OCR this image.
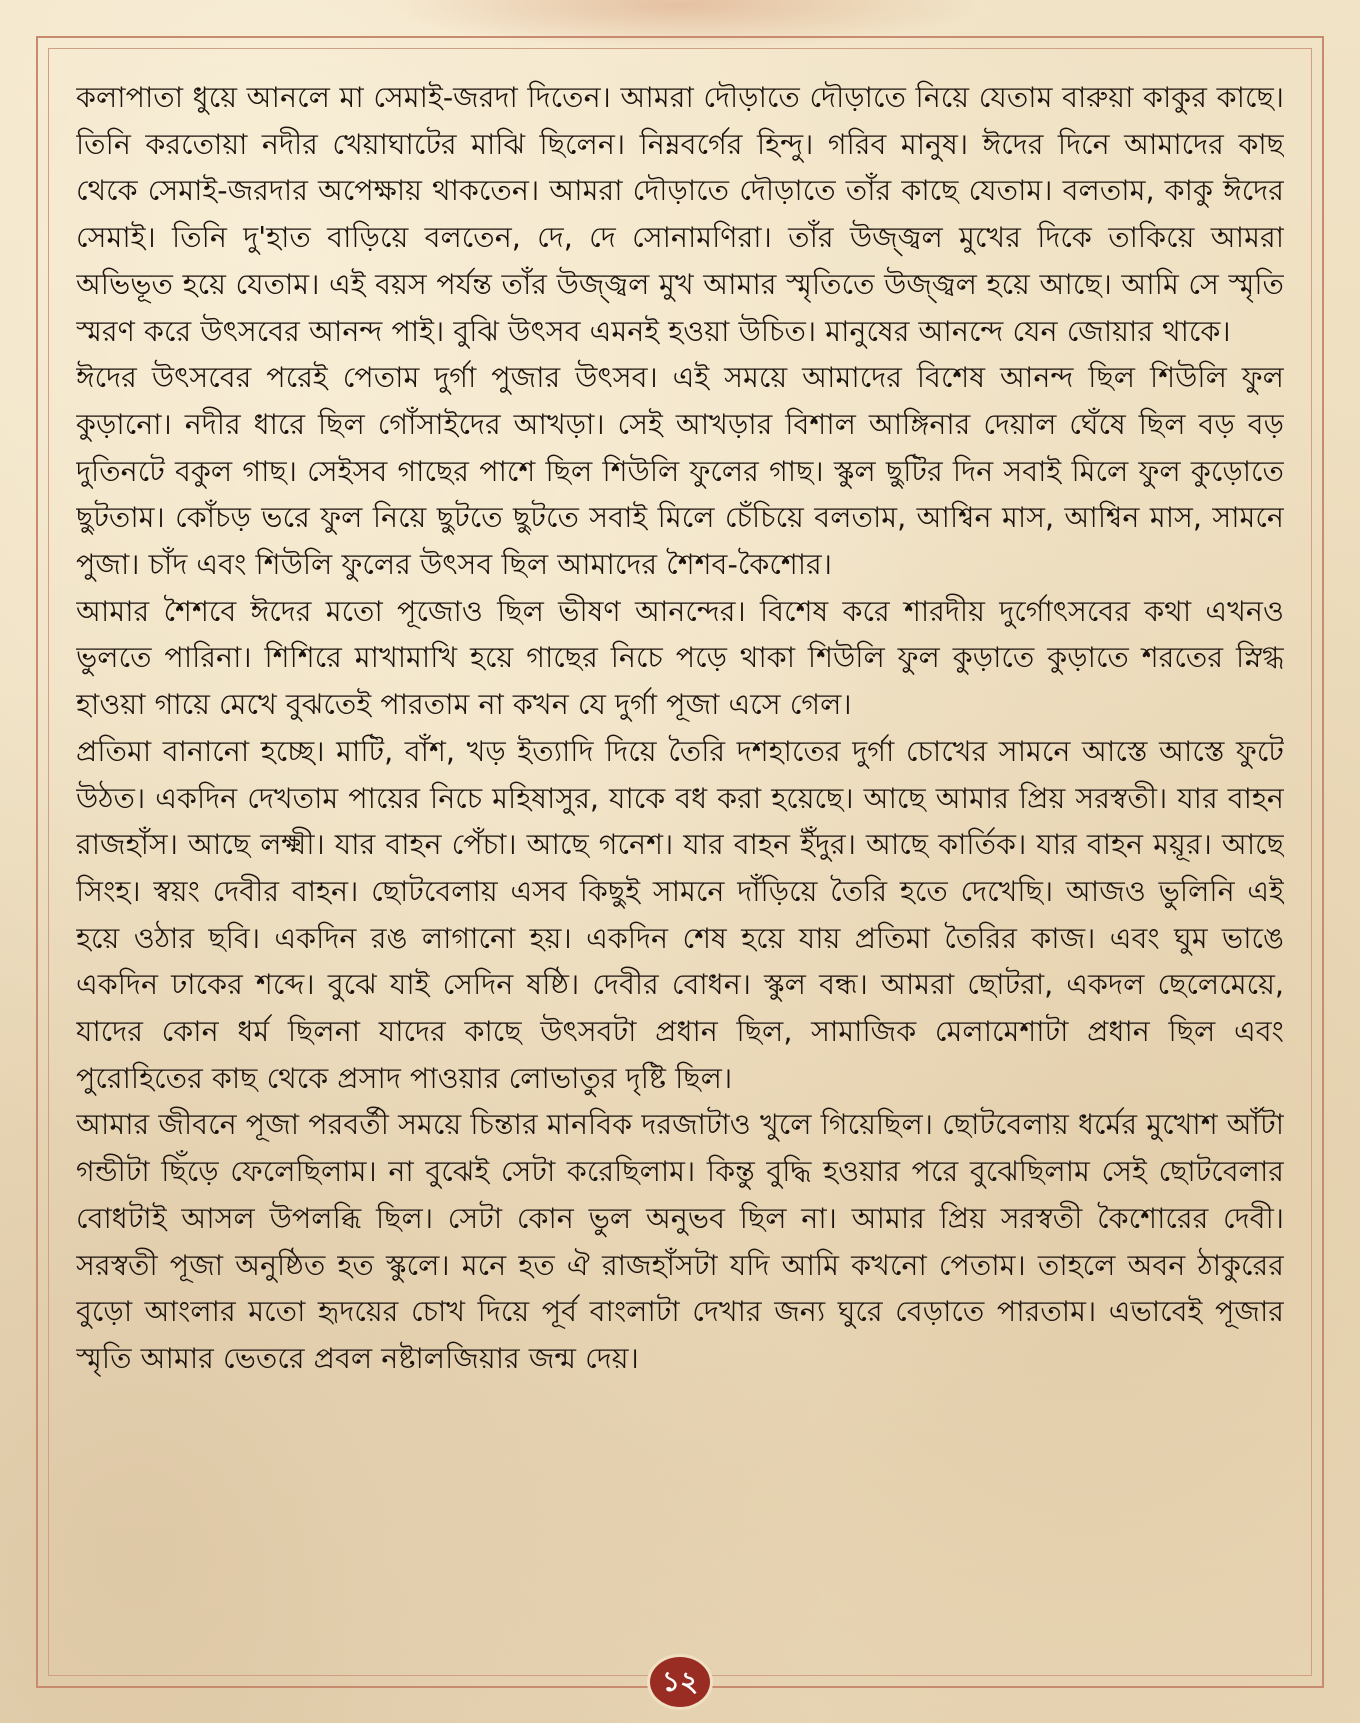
কলাপাতা ধুয়ে আনলে মা সেমাই-জরদা দিতেন। আমরা দৌড়াতে দৌড়াতে নিয়ে যেতাম বারুয়া কাকুর কাছে। তিনি করতোয়া নদীর খেয়াঘাটের মাঝি ছিলেন। নিম্নবর্গের হিন্দু। গরিব মানুষ। ঈদের দিনে আমাদের কাছ থেকে সেমাই-জরদার অপেক্ষায় থাকতেন। আমরা দৌড়াতে দৌড়াতে তাঁর কাছে যেতাম। বলতাম, কাকু ঈদের সেমাই। তিনি দু'হাত বাড়িয়ে বলতেন, দে, দে সোনামণিরা। তাঁর উজ্জ্বল মুখের দিকে তাকিয়ে আমরা অভিভূত হয়ে যেতাম। এই বয়স পর্যন্ত তাঁর উজ্জ্বল মুখ আমার স্মৃতিতে উজ্জ্বল হয়ে আছে। আমি সে স্মৃতি স্মরণ করে উৎসবের আনন্দ পাই। বুঝি উৎসব এমনই হওয়া উচিত। মানুষের আনন্দে যেন জোয়ার থাকে।

ঈদের উৎসবের পরেই পেতাম দুর্গা পুজার উৎসব। এই সময়ে আমাদের বিশেষ আনন্দ ছিল শিউলি ফুল কুড়ানো। নদীর ধারে ছিল গোঁসাইদের আখড়া। সেই আখড়ার বিশাল আঙ্গিনার দেয়াল ঘেঁষে ছিল বড় বড় দুতিনটে বকুল গাছ। সেইসব গাছের পাশে ছিল শিউলি ফুলের গাছ। স্কুল ছুটির দিন সবাই মিলে ফুল কুড়োতে ছুটতাম। কোঁচড় ভরে ফুল নিয়ে ছুটতে ছুটতে সবাই মিলে চেঁচিয়ে বলতাম, আশ্বিন মাস, আশ্বিন মাস, সামনে পুজা। চাঁদ এবং শিউলি ফুলের উৎসব ছিল আমাদের শৈশব-কৈশোর।

আমার শৈশবে ঈদের মতো পূজোও ছিল ভীষণ আনন্দের। বিশেষ করে শারদীয় দুর্গোৎসবের কথা এখনও ভুলতে পারিনা। শিশিরে মাখামাখি হয়ে গাছের নিচে পড়ে থাকা শিউলি ফুল কুড়াতে কুড়াতে শরতের স্নিগ্ধ হাওয়া গায়ে মেখে বুঝতেই পারতাম না কখন যে দুর্গা পূজা এসে গেল।

প্রতিমা বানানো হচ্ছে। মাটি, বাঁশ, খড় ইত্যাদি দিয়ে তৈরি দশহাতের দুর্গা চোখের সামনে আস্তে আস্তে ফুটে উঠত। একদিন দেখতাম পায়ের নিচে মহিষাসুর, যাকে বধ করা হয়েছে। আছে আমার প্রিয় সরস্বতী। যার বাহন রাজহাঁস। আছে লক্ষ্মী। যার বাহন পেঁচা। আছে গনেশ। যার বাহন ইঁদুর। আছে কার্তিক। যার বাহন ময়ূর। আছে সিংহ। স্বয়ং দেবীর বাহন। ছোটবেলায় এসব কিছুই সামনে দাঁড়িয়ে তৈরি হতে দেখেছি। আজও ভুলিনি এই হয়ে ওঠার ছবি। একদিন রঙ লাগানো হয়। একদিন শেষ হয়ে যায় প্রতিমা তৈরির কাজ। এবং ঘুম ভাঙে একদিন ঢাকের শব্দে। বুঝে যাই সেদিন ষষ্ঠি। দেবীর বোধন। স্কুল বন্ধ। আমরা ছোটরা, একদল ছেলেমেয়ে, যাদের কোন ধর্ম ছিলনা যাদের কাছে উৎসবটা প্রধান ছিল, সামাজিক মেলামেশাটা প্রধান ছিল এবং পুরোহিতের কাছ থেকে প্রসাদ পাওয়ার লোভাতুর দৃষ্টি ছিল।

আমার জীবনে পূজা পরবর্তী সময়ে চিন্তার মানবিক দরজাটাও খুলে গিয়েছিল। ছোটবেলায় ধর্মের মুখোশ আঁটা গন্ডীটা ছিঁড়ে ফেলেছিলাম। না বুঝেই সেটা করেছিলাম। কিন্তু বুদ্ধি হওয়ার পরে বুঝেছিলাম সেই ছোটবেলার বোধটাই আসল উপলব্ধি ছিল। সেটা কোন ভুল অনুভব ছিল না। আমার প্রিয় সরস্বতী কৈশোরের দেবী। সরস্বতী পূজা অনুষ্ঠিত হত স্কুলে। মনে হত ঐ রাজহাঁসটা যদি আমি কখনো পেতাম। তাহলে অবন ঠাকুরের বুড়ো আংলার মতো হৃদয়ের চোখ দিয়ে পূর্ব বাংলাটা দেখার জন্য ঘুরে বেড়াতে পারতাম। এভাবেই পূজার স্মৃতি আমার ভেতরে প্রবল নষ্টালজিয়ার জন্ম দেয়।

১২
